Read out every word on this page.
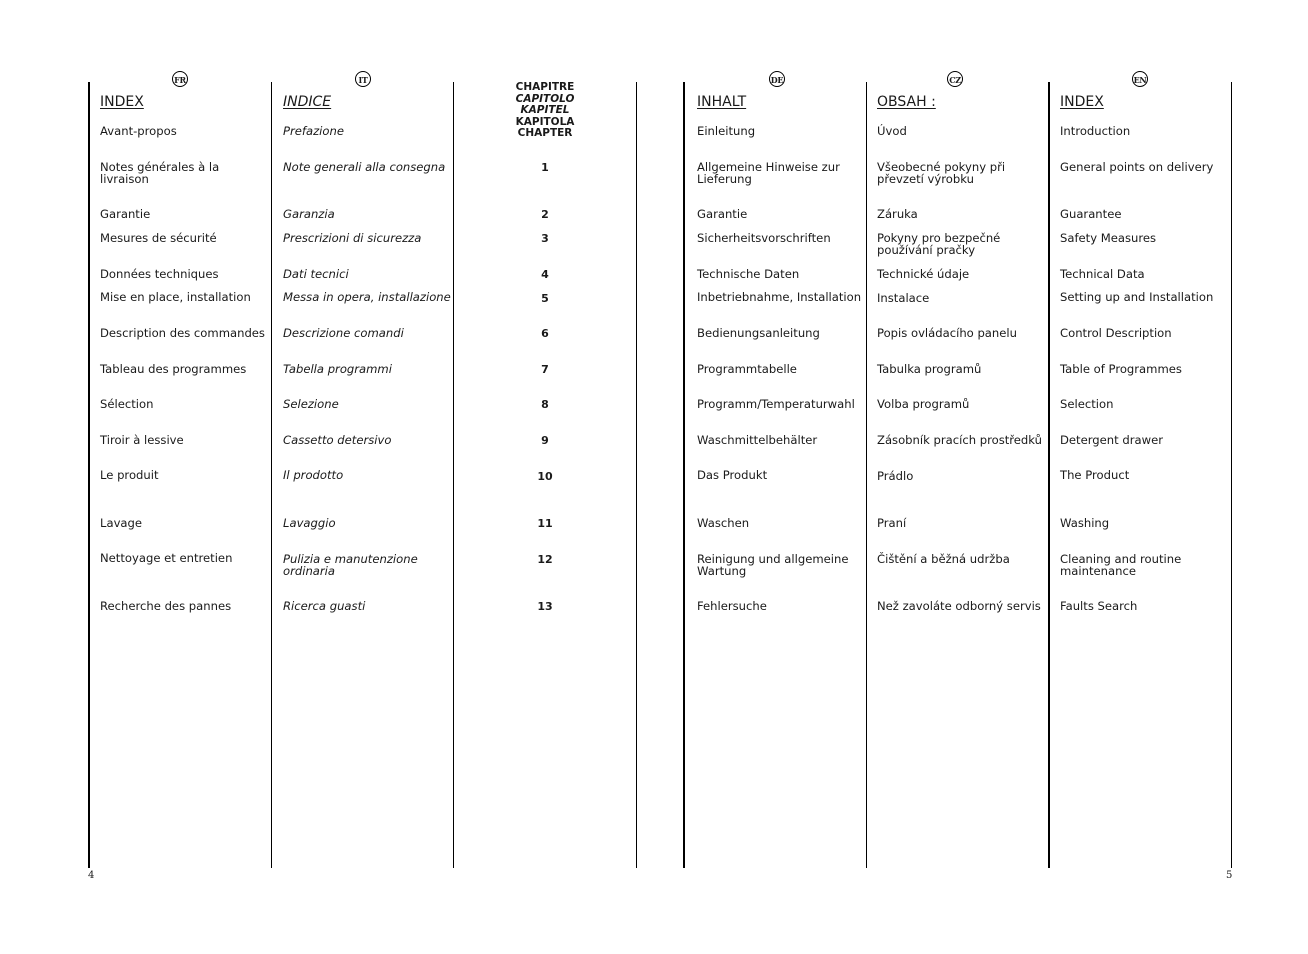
FR
INDEX
Avant-propos
Notes générales à la
livraison
Garantie
Mesures de sécurité
Données techniques
Mise en place, installation
Description des commandes
Tableau des programmes
Sélection
Tiroir à lessive
Le produit
Lavage
Nettoyage et entretien
Recherche des pannes
IT
INDICE
Prefazione
Note generali alla consegna
Garanzia
Prescrizioni di sicurezza
Dati tecnici
Messa in opera, installazione
Descrizione comandi
Tabella programmi
Selezione
Cassetto detersivo
Il prodotto
Lavaggio
Pulizia e manutenzione
ordinaria
Ricerca guasti
CHAPITRE
CAPITOLO
KAPITEL
KAPITOLA
CHAPTER
1
2
3
4
5
6
7
8
9
10
11
12
13
DE
INHALT
Einleitung
Allgemeine Hinweise zur
Lieferung
Garantie
Sicherheitsvorschriften
Technische Daten
Inbetriebnahme, Installation
Bedienungsanleitung
Programmtabelle
Programm/Temperaturwahl
Waschmittelbehälter
Das Produkt
Waschen
Reinigung und allgemeine
Wartung
Fehlersuche
CZ
OBSAH :
Úvod
Všeobecné pokyny při
převzetí výrobku
Záruka
Pokyny pro bezpečné
používání pračky
Technické údaje
Instalace
Popis ovládacího panelu
Tabulka programů
Volba programů
Zásobník pracích prostředků
Prádlo
Praní
Čištění a běžná udržba
Než zavoláte odborný servis
EN
INDEX
Introduction
General points on delivery
Guarantee
Safety Measures
Technical Data
Setting up and Installation
Control Description
Table of Programmes
Selection
Detergent drawer
The Product
Washing
Cleaning and routine
maintenance
Faults Search
4	5
